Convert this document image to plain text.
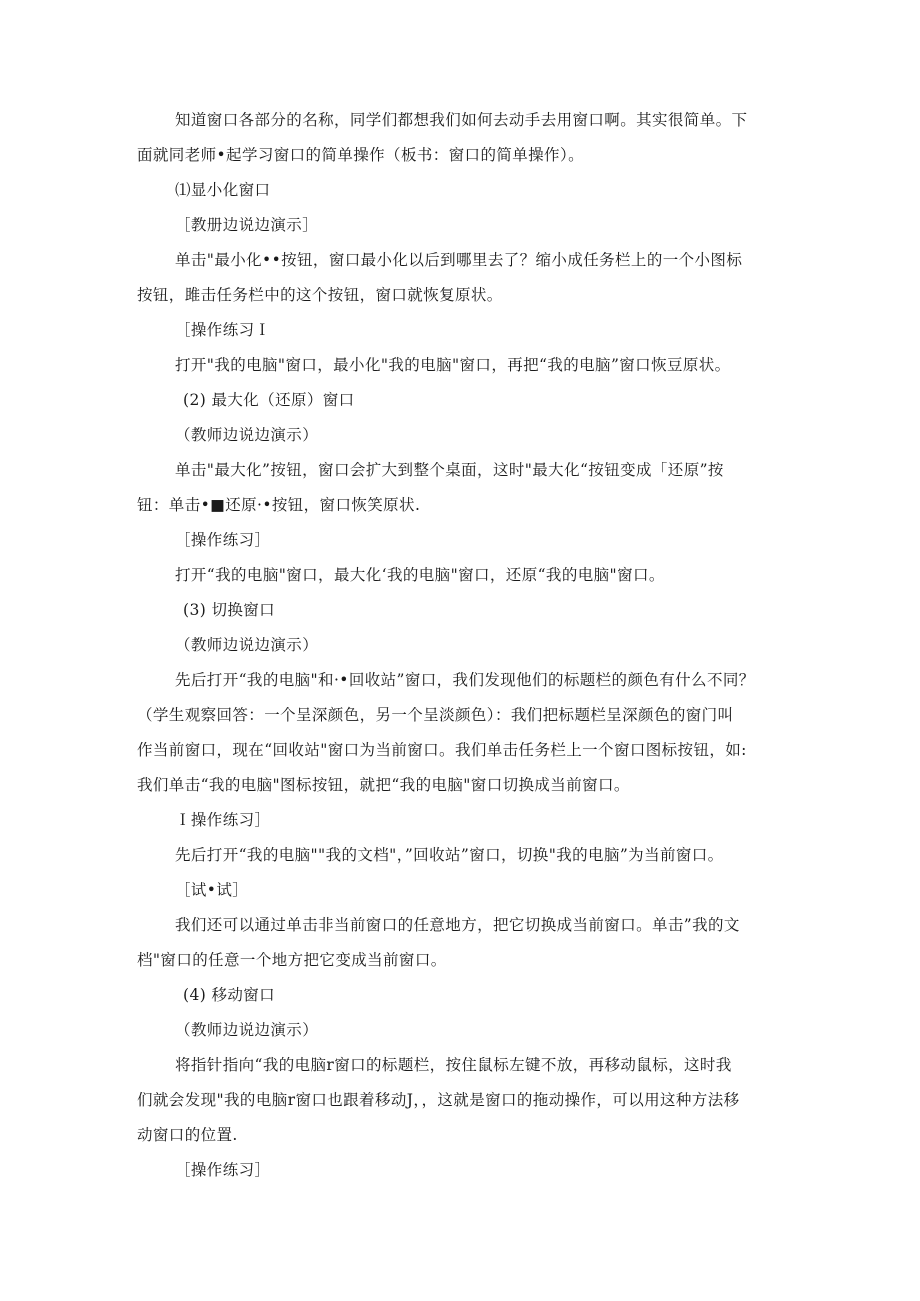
知道窗口各部分的名称，同学们都想我们如何去动手去用窗口啊。其实很简单。下
面就同老师•起学习窗口的简单操作（板书：窗口的简单操作）。
⑴显小化窗口
［教册边说边演示］
单击"最小化••按钮，窗口最小化以后到哪里去了？缩小成任务栏上的一个小图标
按钮，雎击任务栏中的这个按钮，窗口就恢复原状。
［操作练习Ｉ
打开"我的电脑"窗口，最小化"我的电脑"窗口，再把“我的电脑”窗口恢豆原状。
(2) 最大化（还原）窗口
（教师边说边演示）
单击"最大化”按钮，窗口会扩大到整个桌面，这时"最大化“按钮变成「还原”按
钮：单击•■还原·•按钮，窗口恢笑原状.
［操作练习］
打开“我的电脑"窗口，最大化‘我的电脑"窗口，还原“我的电脑"窗口。
(3) 切换窗口
（教师边说边演示）
先后打开“我的电脑"和·•回收站”窗口，我们发现他们的标题栏的颜色有什么不同？
（学生观察回答：一个呈深颜色，另一个呈淡颜色）：我们把标题栏呈深颜色的窗门叫
作当前窗口，现在“回收站"窗口为当前窗口。我们单击任务栏上一个窗口图标按钮，如:
我们单击“我的电脑"图标按钮，就把“我的电脑"窗口切换成当前窗口。
Ｉ操作练习］
先后打开“我的电脑""我的文档"，”回收站”窗口，切换"我的电脑”为当前窗口。
［试•试］
我们还可以通过单击非当前窗口的任意地方，把它切换成当前窗口。单击”我的文
档"窗口的任意一个地方把它变成当前窗口。
(4) 移动窗口
（教师边说边演示）
将指针指向“我的电脑r窗口的标题栏，按住鼠标左键不放，再移动鼠标，这时我
们就会发现"我的电脑r窗口也跟着移动J，，这就是窗口的拖动操作，可以用这种方法移
动窗口的位置.
［操作练习］
